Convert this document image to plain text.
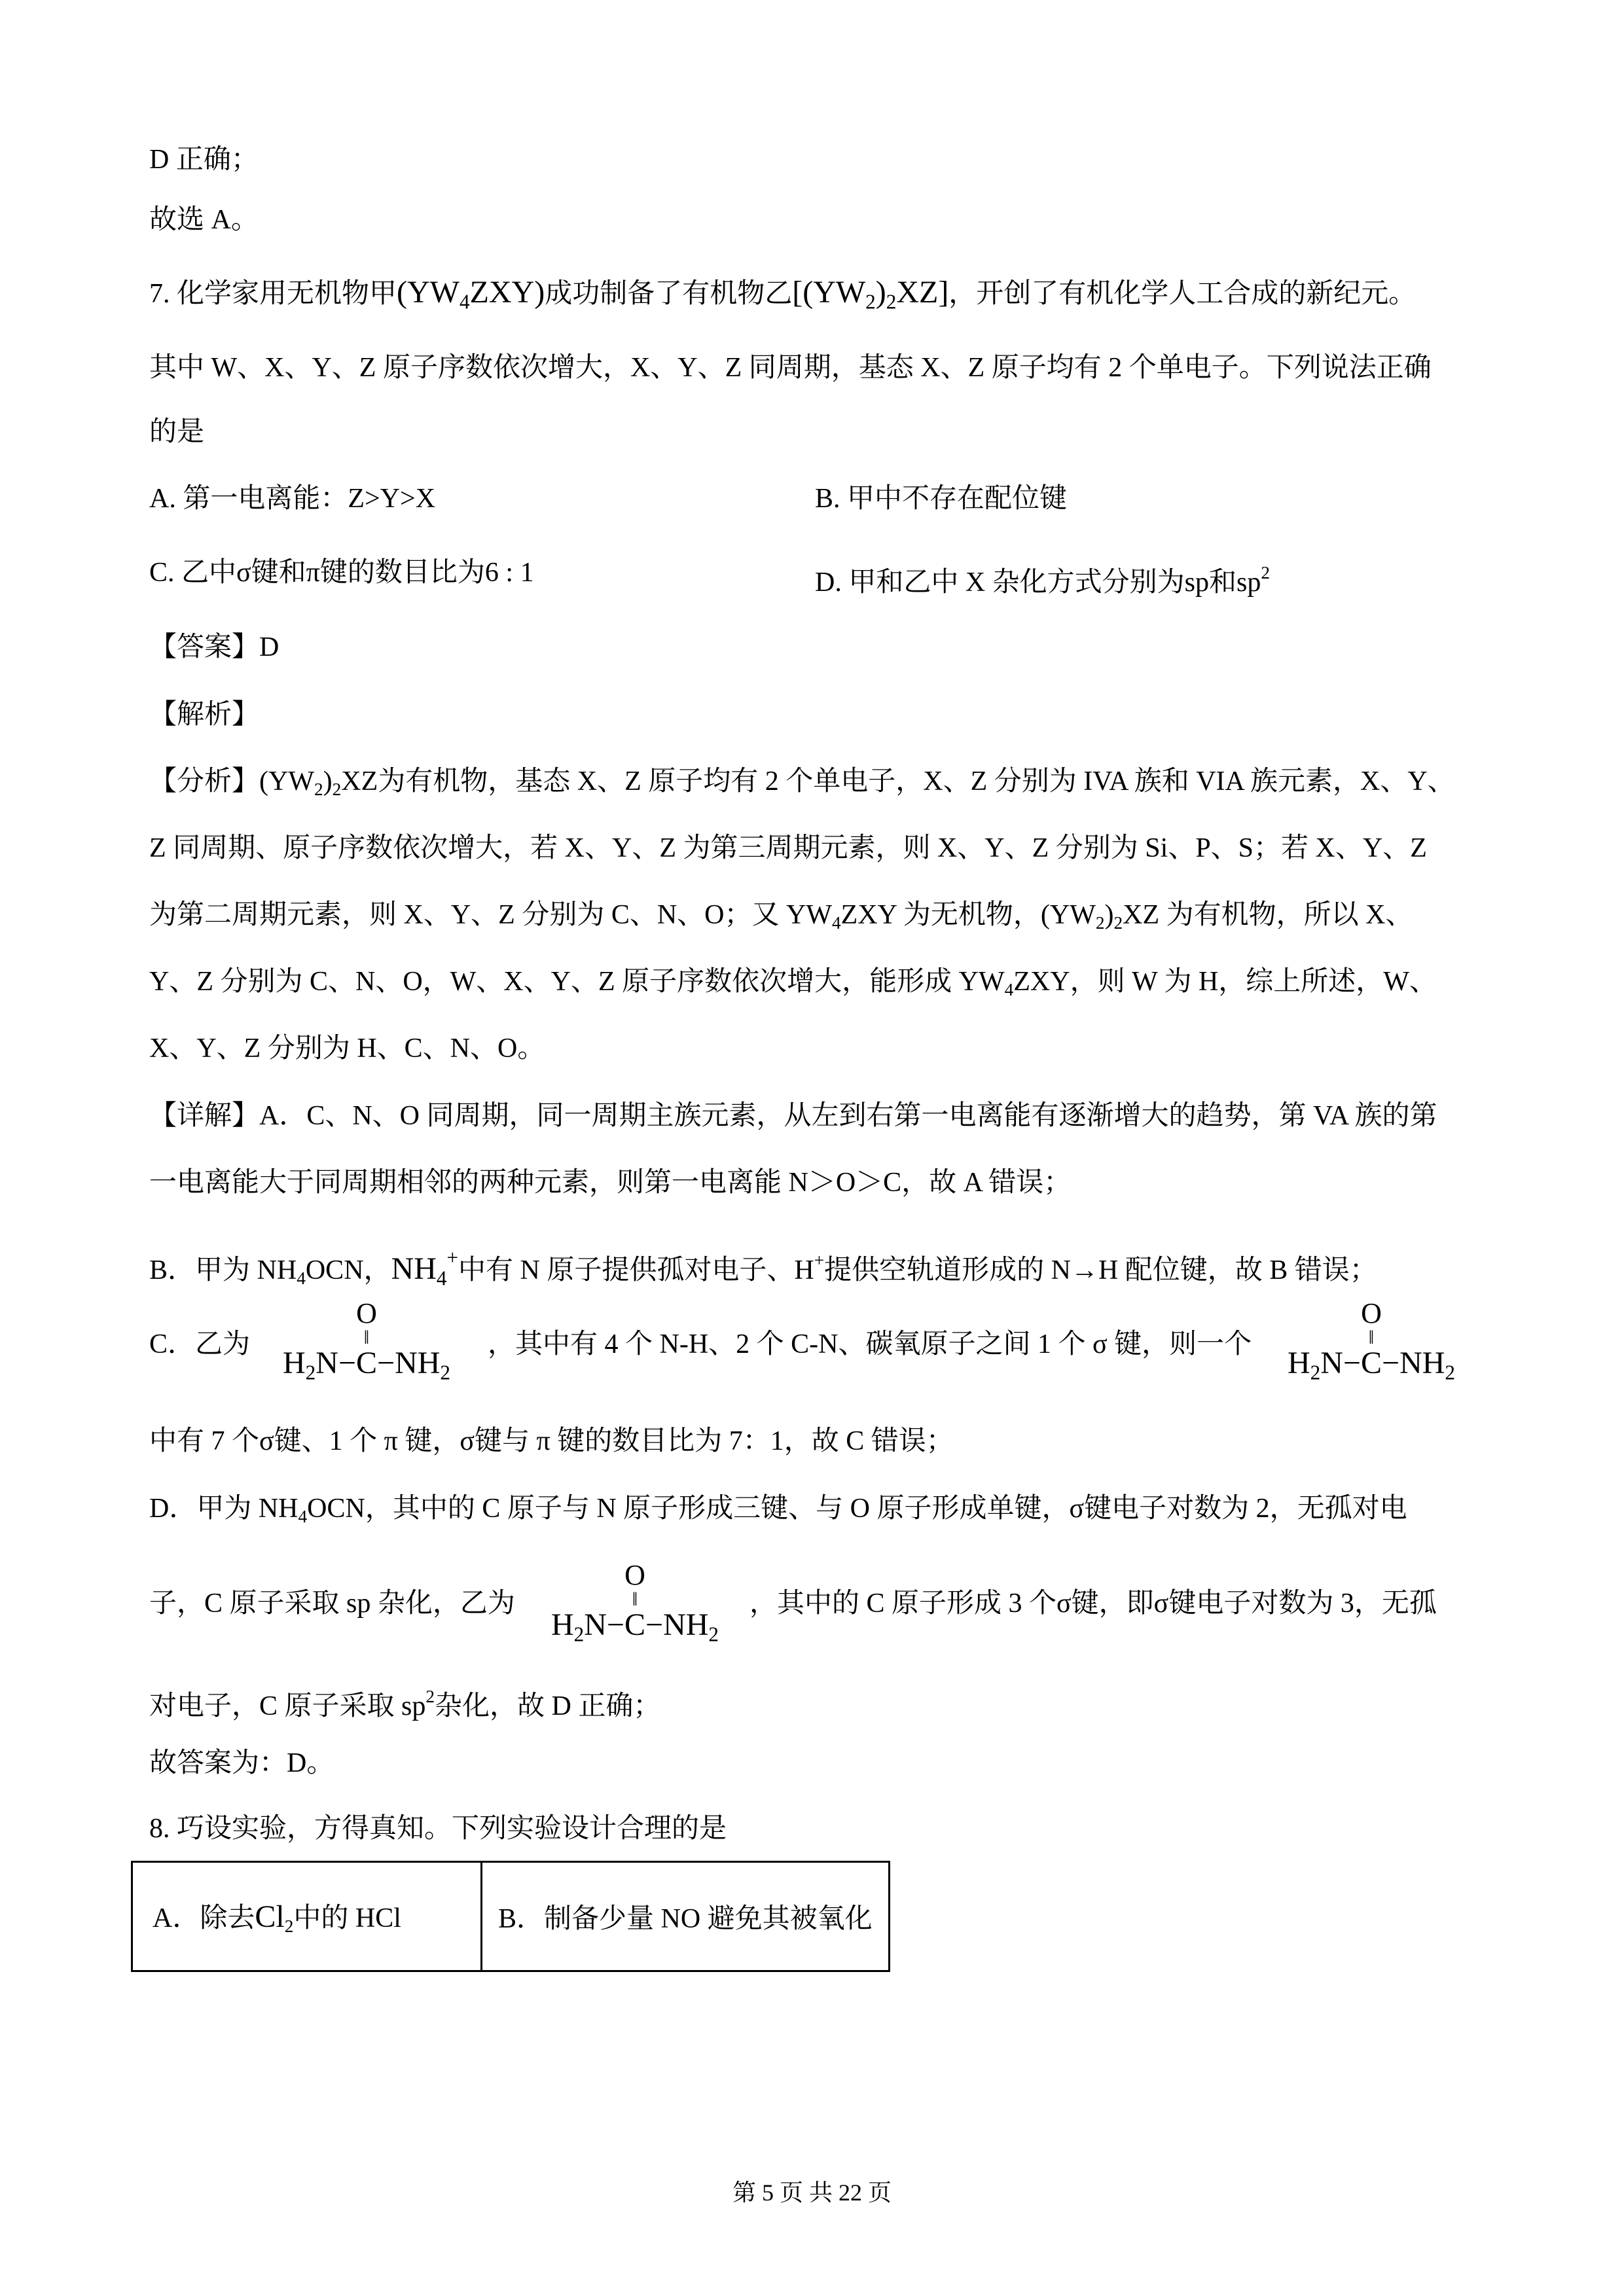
D 正确；
故选 A。
7. 化学家用无机物甲$(YW_4ZXY)$成功制备了有机物乙$[(YW_2)_2XZ]$，开创了有机化学人工合成的新纪元。
其中 W、X、Y、Z 原子序数依次增大，X、Y、Z 同周期，基态 X、Z 原子均有 2 个单电子。下列说法正确
的是
A. 第一电离能：Z>Y>X	B. 甲中不存在配位键
C. 乙中σ键和π键的数目比为6 : 1	D. 甲和乙中 X 杂化方式分别为sp和$sp^2$
【答案】D
【解析】
【分析】$(YW_2)_2XZ$为有机物，基态 X、Z 原子均有 2 个单电子，X、Z 分别为 IVA 族和 VIA 族元素，X、Y、
Z 同周期、原子序数依次增大，若 X、Y、Z 为第三周期元素，则 X、Y、Z 分别为 Si、P、S；若 X、Y、Z
为第二周期元素，则 X、Y、Z 分别为 C、N、O；又 $YW_4ZXY$ 为无机物，$(YW_2)_2XZ$ 为有机物，所以 X、
Y、Z 分别为 C、N、O，W、X、Y、Z 原子序数依次增大，能形成 $YW_4ZXY$，则 W 为 H，综上所述，W、
X、Y、Z 分别为 H、C、N、O。
【详解】A．C、N、O 同周期，同一周期主族元素，从左到右第一电离能有逐渐增大的趋势，第 VA 族的第
一电离能大于同周期相邻的两种元素，则第一电离能 N＞O＞C，故 A 错误；
B．甲为 $NH_4OCN$，$NH_4^+$中有 N 原子提供孤对电子、H+提供空轨道形成的 N→H 配位键，故 B 错误；
C．乙为
O
‖
$H_2N-C-NH_2$
，其中有 4 个 N-H、2 个 C-N、碳氧原子之间 1 个 σ 键，则一个
O
‖
$H_2N-C-NH_2$
中有 7 个σ键、1 个 π 键，σ键与 π 键的数目比为 7：1，故 C 错误；
D．甲为 $NH_4OCN$，其中的 C 原子与 N 原子形成三键、与 O 原子形成单键，σ键电子对数为 2，无孤对电
子，C 原子采取 sp 杂化，乙为
O
‖
$H_2N-C-NH_2$
，其中的 C 原子形成 3 个σ键，即σ键电子对数为 3，无孤
对电子，C 原子采取 $sp^2$杂化，故 D 正确；
故答案为：D。
8. 巧设实验，方得真知。下列实验设计合理的是
A．除去$Cl_2$中的 HCl	B．制备少量 NO 避免其被氧化
第 5 页 共 22 页
